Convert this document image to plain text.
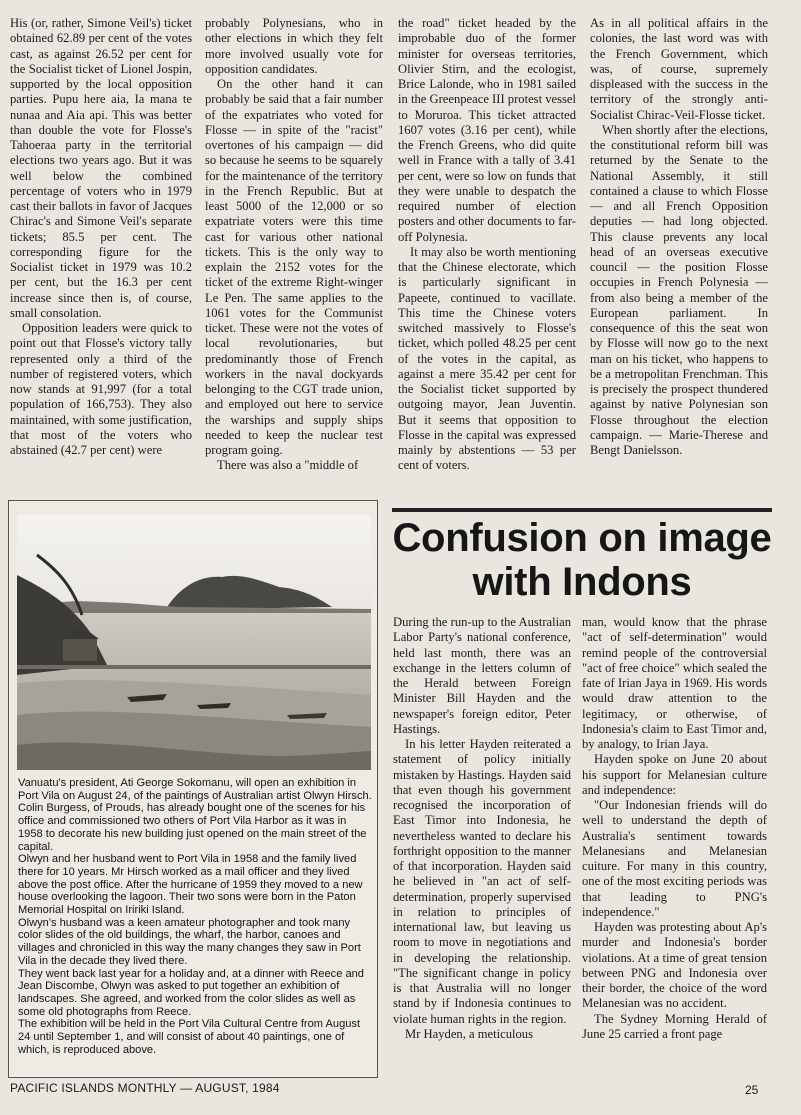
His (or, rather, Simone Veil's) ticket obtained 62.89 per cent of the votes cast, as against 26.52 per cent for the Socialist ticket of Lionel Jospin, supported by the local opposition parties. Pupu here aia, Ia mana te nunaa and Aia api. This was better than double the vote for Flosse's Tahoeraa party in the territorial elections two years ago. But it was well below the combined percentage of voters who in 1979 cast their ballots in favor of Jacques Chirac's and Simone Veil's separate tickets; 85.5 per cent. The corresponding figure for the Socialist ticket in 1979 was 10.2 per cent, but the 16.3 per cent increase since then is, of course, small consolation.

Opposition leaders were quick to point out that Flosse's victory tally represented only a third of the number of registered voters, which now stands at 91,997 (for a total population of 166,753). They also maintained, with some justification, that most of the voters who abstained (42.7 per cent) were

probably Polynesians, who in other elections in which they felt more involved usually vote for opposition candidates.

On the other hand it can probably be said that a fair number of the expatriates who voted for Flosse — in spite of the "racist" overtones of his campaign — did so because he seems to be squarely for the maintenance of the territory in the French Republic. But at least 5000 of the 12,000 or so expatriate voters were this time cast for various other national tickets. This is the only way to explain the 2152 votes for the ticket of the extreme Right-winger Le Pen. The same applies to the 1061 votes for the Communist ticket. These were not the votes of local revolutionaries, but predominantly those of French workers in the naval dockyards belonging to the CGT trade union, and employed out here to service the warships and supply ships needed to keep the nuclear test program going.

There was also a "middle of

the road" ticket headed by the improbable duo of the former minister for overseas territories, Olivier Stirn, and the ecologist, Brice Lalonde, who in 1981 sailed in the Greenpeace III protest vessel to Moruroa. This ticket attracted 1607 votes (3.16 per cent), while the French Greens, who did quite well in France with a tally of 3.41 per cent, were so low on funds that they were unable to despatch the required number of election posters and other documents to far-off Polynesia.

It may also be worth mentioning that the Chinese electorate, which is particularly significant in Papeete, continued to vacillate. This time the Chinese voters switched massively to Flosse's ticket, which polled 48.25 per cent of the votes in the capital, as against a mere 35.42 per cent for the Socialist ticket supported by outgoing mayor, Jean Juventin. But it seems that opposition to Flosse in the capital was expressed mainly by abstentions — 53 per cent of voters.

As in all political affairs in the colonies, the last word was with the French Government, which was, of course, supremely displeased with the success in the territory of the strongly anti-Socialist Chirac-Veil-Flosse ticket.

When shortly after the elections, the constitutional reform bill was returned by the Senate to the National Assembly, it still contained a clause to which Flosse — and all French Opposition deputies — had long objected. This clause prevents any local head of an overseas executive council — the position Flosse occupies in French Polynesia — from also being a member of the European parliament. In consequence of this the seat won by Flosse will now go to the next man on his ticket, who happens to be a metropolitan Frenchman. This is precisely the prospect thundered against by native Polynesian son Flosse throughout the election campaign. — Marie-Therese and Bengt Danielsson.

Vanuatu's president, Ati George Sokomanu, will open an exhibition in Port Vila on August 24, of the paintings of Australian artist Olwyn Hirsch. Colin Burgess, of Prouds, has already bought one of the scenes for his office and commissioned two others of Port Vila Harbor as it was in 1958 to decorate his new building just opened on the main street of the capital.

Olwyn and her husband went to Port Vila in 1958 and the family lived there for 10 years. Mr Hirsch worked as a mail officer and they lived above the post office. After the hurricane of 1959 they moved to a new house overlooking the lagoon. Their two sons were born in the Paton Memorial Hospital on Iririki Island.

Olwyn's husband was a keen amateur photographer and took many color slides of the old buildings, the wharf, the harbor, canoes and villages and chronicled in this way the many changes they saw in Port Vila in the decade they lived there.

They went back last year for a holiday and, at a dinner with Reece and Jean Discombe, Olwyn was asked to put together an exhibition of landscapes. She agreed, and worked from the color slides as well as some old photographs from Reece.

The exhibition will be held in the Port Vila Cultural Centre from August 24 until September 1, and will consist of about 40 paintings, one of which, is reproduced above.

Confusion on image with Indons

During the run-up to the Australian Labor Party's national conference, held last month, there was an exchange in the letters column of the Herald between Foreign Minister Bill Hayden and the newspaper's foreign editor, Peter Hastings.

In his letter Hayden reiterated a statement of policy initially mistaken by Hastings. Hayden said that even though his government recognised the incorporation of East Timor into Indonesia, he nevertheless wanted to declare his forthright opposition to the manner of that incorporation. Hayden said he believed in "an act of self-determination, properly supervised in relation to principles of international law, but leaving us room to move in negotiations and in developing the relationship. "The significant change in policy is that Australia will no longer stand by if Indonesia continues to violate human rights in the region.

Mr Hayden, a meticulous

man, would know that the phrase "act of self-determination" would remind people of the controversial "act of free choice" which sealed the fate of Irian Jaya in 1969. His words would draw attention to the legitimacy, or otherwise, of Indonesia's claim to East Timor and, by analogy, to Irian Jaya.

Hayden spoke on June 20 about his support for Melanesian culture and independence:

"Our Indonesian friends will do well to understand the depth of Australia's sentiment towards Melanesians and Melanesian cuiture. For many in this country, one of the most exciting periods was that leading to PNG's independence."

Hayden was protesting about Ap's murder and Indonesia's border violations. At a time of great tension between PNG and Indonesia over their border, the choice of the word Melanesian was no accident.

The Sydney Morning Herald of June 25 carried a front page

PACIFIC ISLANDS MONTHLY — AUGUST, 1984	25
